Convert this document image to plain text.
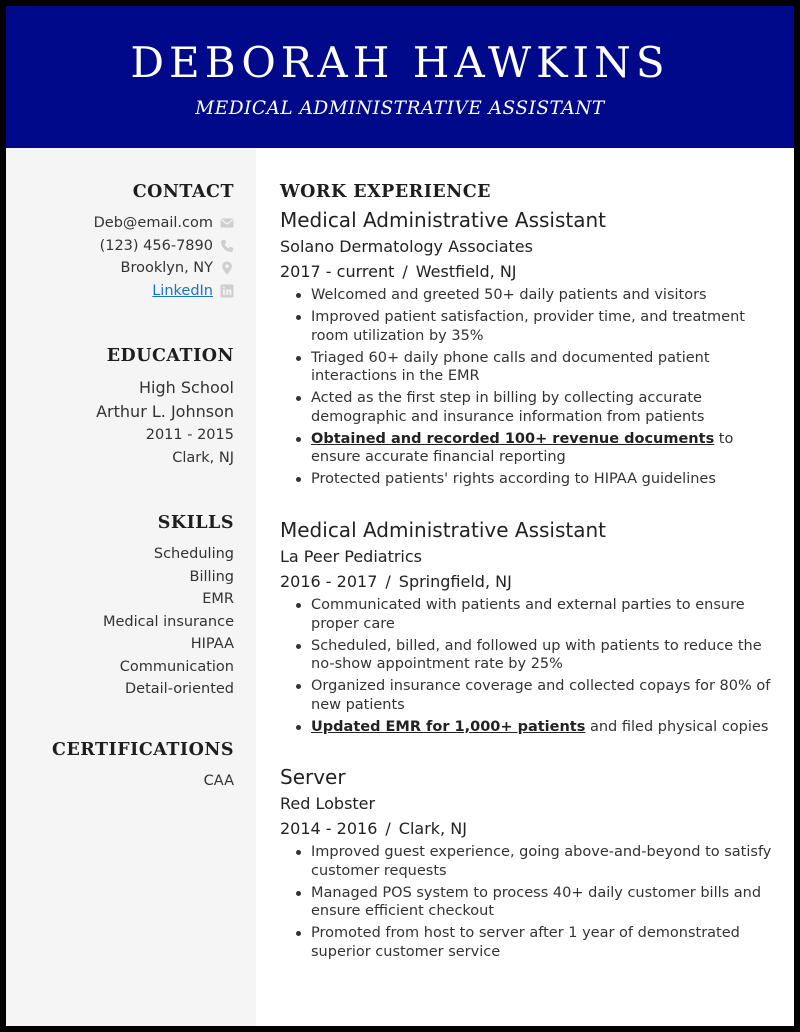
DEBORAH HAWKINS
MEDICAL ADMINISTRATIVE ASSISTANT
CONTACT
Deb@email.com
(123) 456-7890
Brooklyn, NY
LinkedIn
EDUCATION
High School
Arthur L. Johnson
2011 - 2015
Clark, NJ
SKILLS
Scheduling
Billing
EMR
Medical insurance
HIPAA
Communication
Detail-oriented
CERTIFICATIONS
CAA
WORK EXPERIENCE
Medical Administrative Assistant
Solano Dermatology Associates
2017 - current / Westfield, NJ
Welcomed and greeted 50+ daily patients and visitors
Improved patient satisfaction, provider time, and treatment room utilization by 35%
Triaged 60+ daily phone calls and documented patient interactions in the EMR
Acted as the first step in billing by collecting accurate demographic and insurance information from patients
Obtained and recorded 100+ revenue documents to ensure accurate financial reporting
Protected patients' rights according to HIPAA guidelines
Medical Administrative Assistant
La Peer Pediatrics
2016 - 2017 / Springfield, NJ
Communicated with patients and external parties to ensure proper care
Scheduled, billed, and followed up with patients to reduce the no-show appointment rate by 25%
Organized insurance coverage and collected copays for 80% of new patients
Updated EMR for 1,000+ patients and filed physical copies
Server
Red Lobster
2014 - 2016 / Clark, NJ
Improved guest experience, going above-and-beyond to satisfy customer requests
Managed POS system to process 40+ daily customer bills and ensure efficient checkout
Promoted from host to server after 1 year of demonstrated superior customer service
